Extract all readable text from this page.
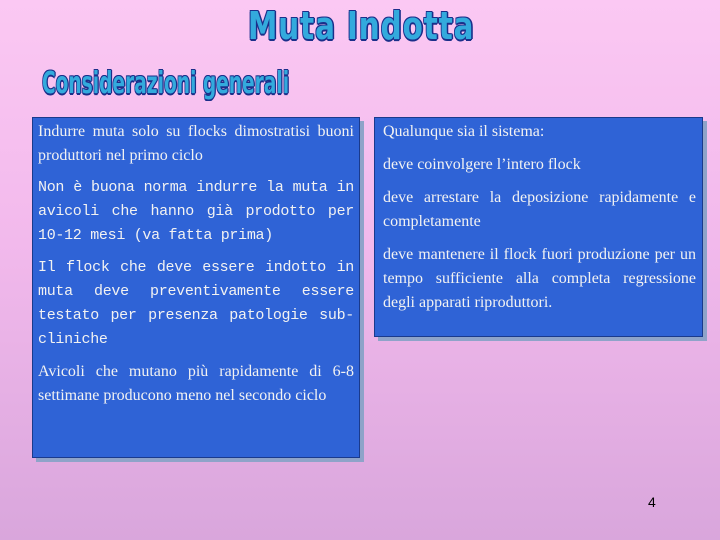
Muta Indotta
Considerazioni generali

Indurre muta solo su flocks dimostratisi buoni produttori nel primo ciclo

Non è buona norma indurre la muta in avicoli che hanno già prodotto per 10-12 mesi (va fatta prima)

Il flock che deve essere indotto in muta deve preventivamente essere testato per presenza patologie sub-cliniche

Avicoli che mutano più rapidamente di 6-8 settimane producono meno nel secondo ciclo

Qualunque sia il sistema:

deve coinvolgere l’intero flock

deve arrestare la deposizione rapidamente e completamente

deve mantenere il flock fuori produzione per un tempo sufficiente alla completa regressione degli apparati riproduttori.

4
